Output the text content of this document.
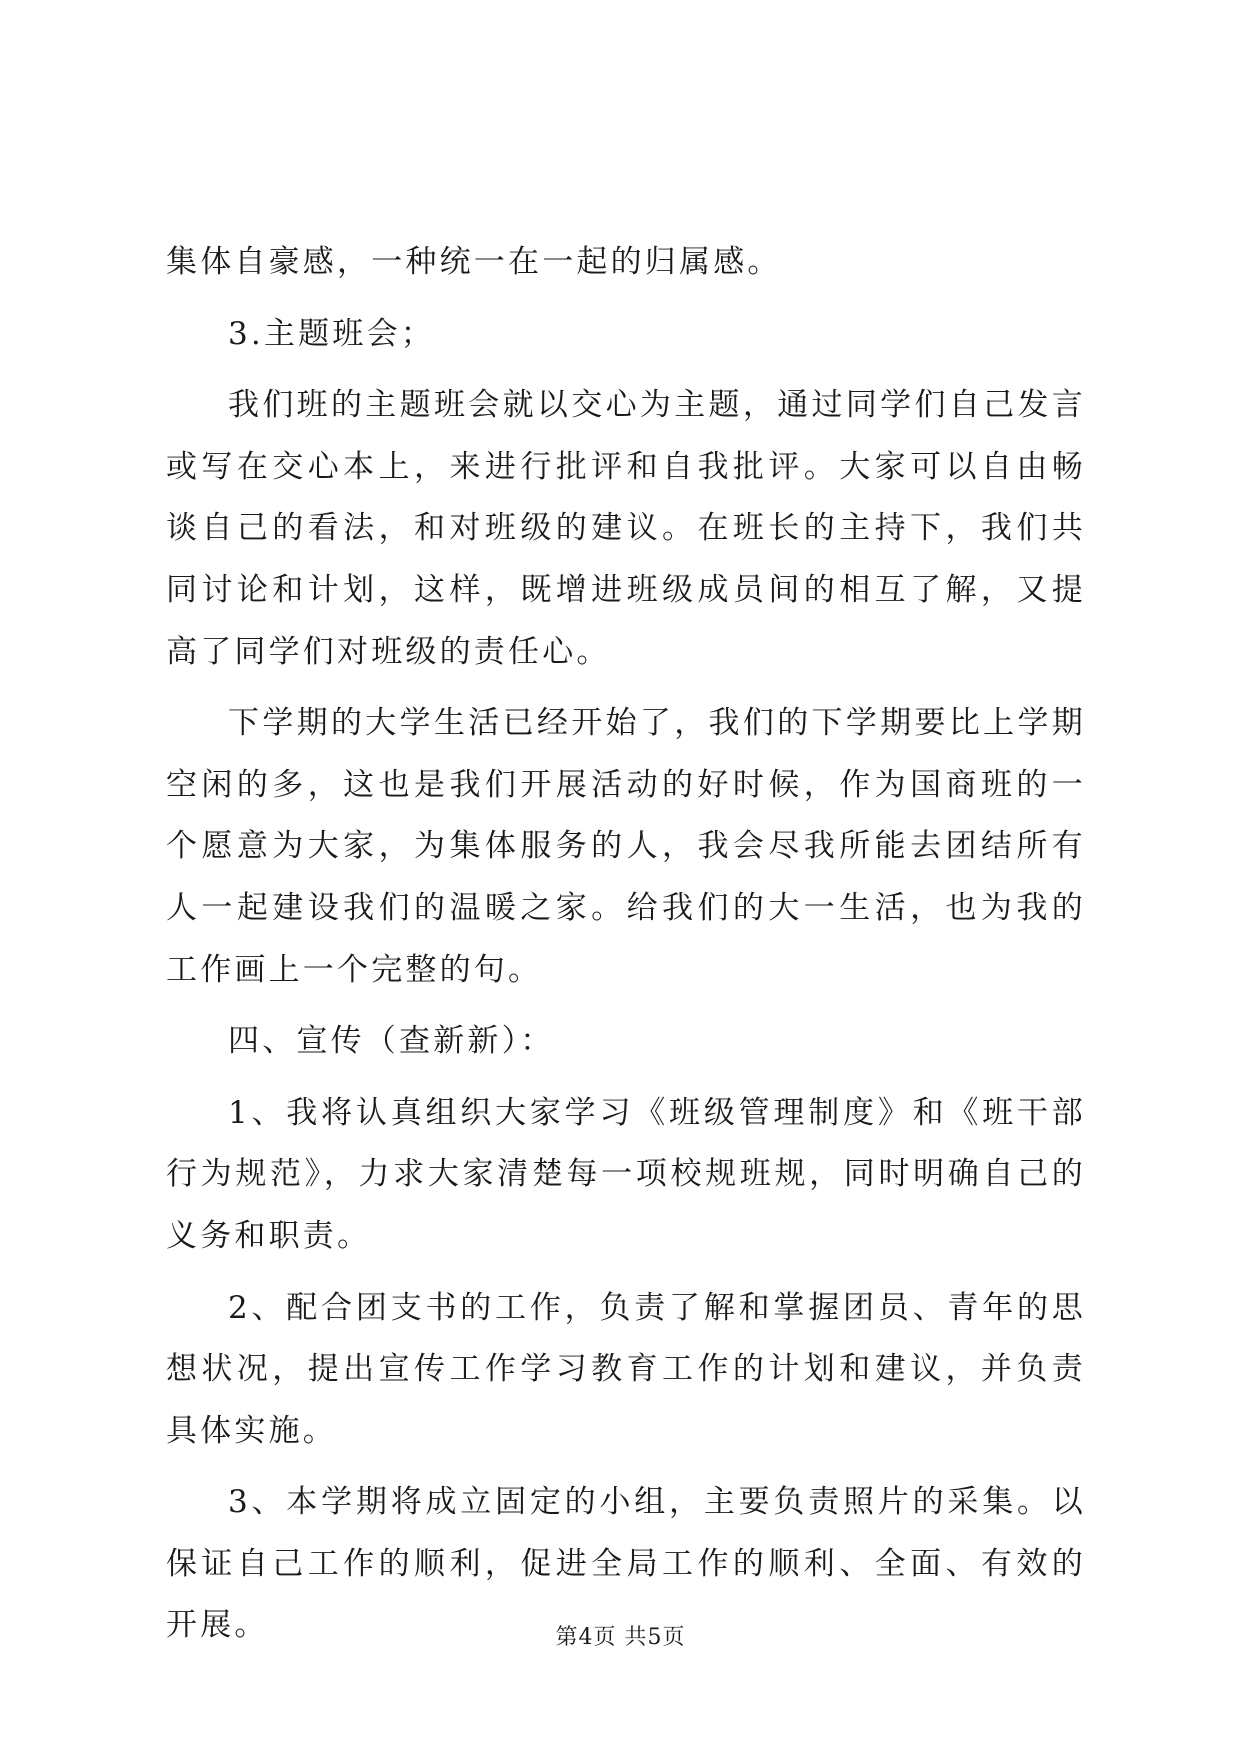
集体自豪感，一种统一在一起的归属感。

3.主题班会；

我们班的主题班会就以交心为主题，通过同学们自己发言或写在交心本上，来进行批评和自我批评。大家可以自由畅谈自己的看法，和对班级的建议。在班长的主持下，我们共同讨论和计划，这样，既增进班级成员间的相互了解，又提高了同学们对班级的责任心。

下学期的大学生活已经开始了，我们的下学期要比上学期空闲的多，这也是我们开展活动的好时候，作为国商班的一个愿意为大家，为集体服务的人，我会尽我所能去团结所有人一起建设我们的温暖之家。给我们的大一生活，也为我的工作画上一个完整的句。

四、宣传（查新新）：

1、我将认真组织大家学习《班级管理制度》和《班干部行为规范》，力求大家清楚每一项校规班规，同时明确自己的义务和职责。

2、配合团支书的工作，负责了解和掌握团员、青年的思想状况，提出宣传工作学习教育工作的计划和建议，并负责具体实施。

3、本学期将成立固定的小组，主要负责照片的采集。以保证自己工作的顺利，促进全局工作的顺利、全面、有效的开展。	第4页 共5页
